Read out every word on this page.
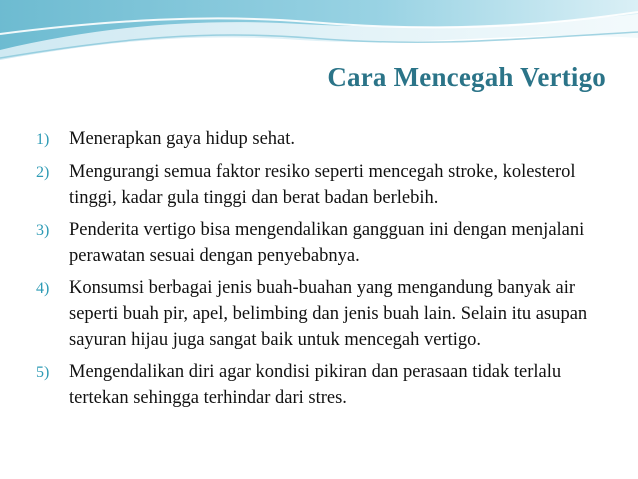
Cara Mencegah Vertigo
1)	Menerapkan gaya hidup sehat.
2)	Mengurangi semua faktor resiko seperti mencegah stroke, kolesterol tinggi, kadar gula tinggi dan berat badan berlebih.
3)	Penderita vertigo bisa mengendalikan gangguan ini dengan menjalani perawatan sesuai dengan penyebabnya.
4)	Konsumsi berbagai jenis buah-buahan yang mengandung banyak air seperti buah pir, apel, belimbing dan jenis buah lain. Selain itu asupan sayuran hijau juga sangat baik untuk mencegah vertigo.
5)	Mengendalikan diri agar kondisi pikiran dan perasaan tidak terlalu tertekan sehingga terhindar dari stres.
